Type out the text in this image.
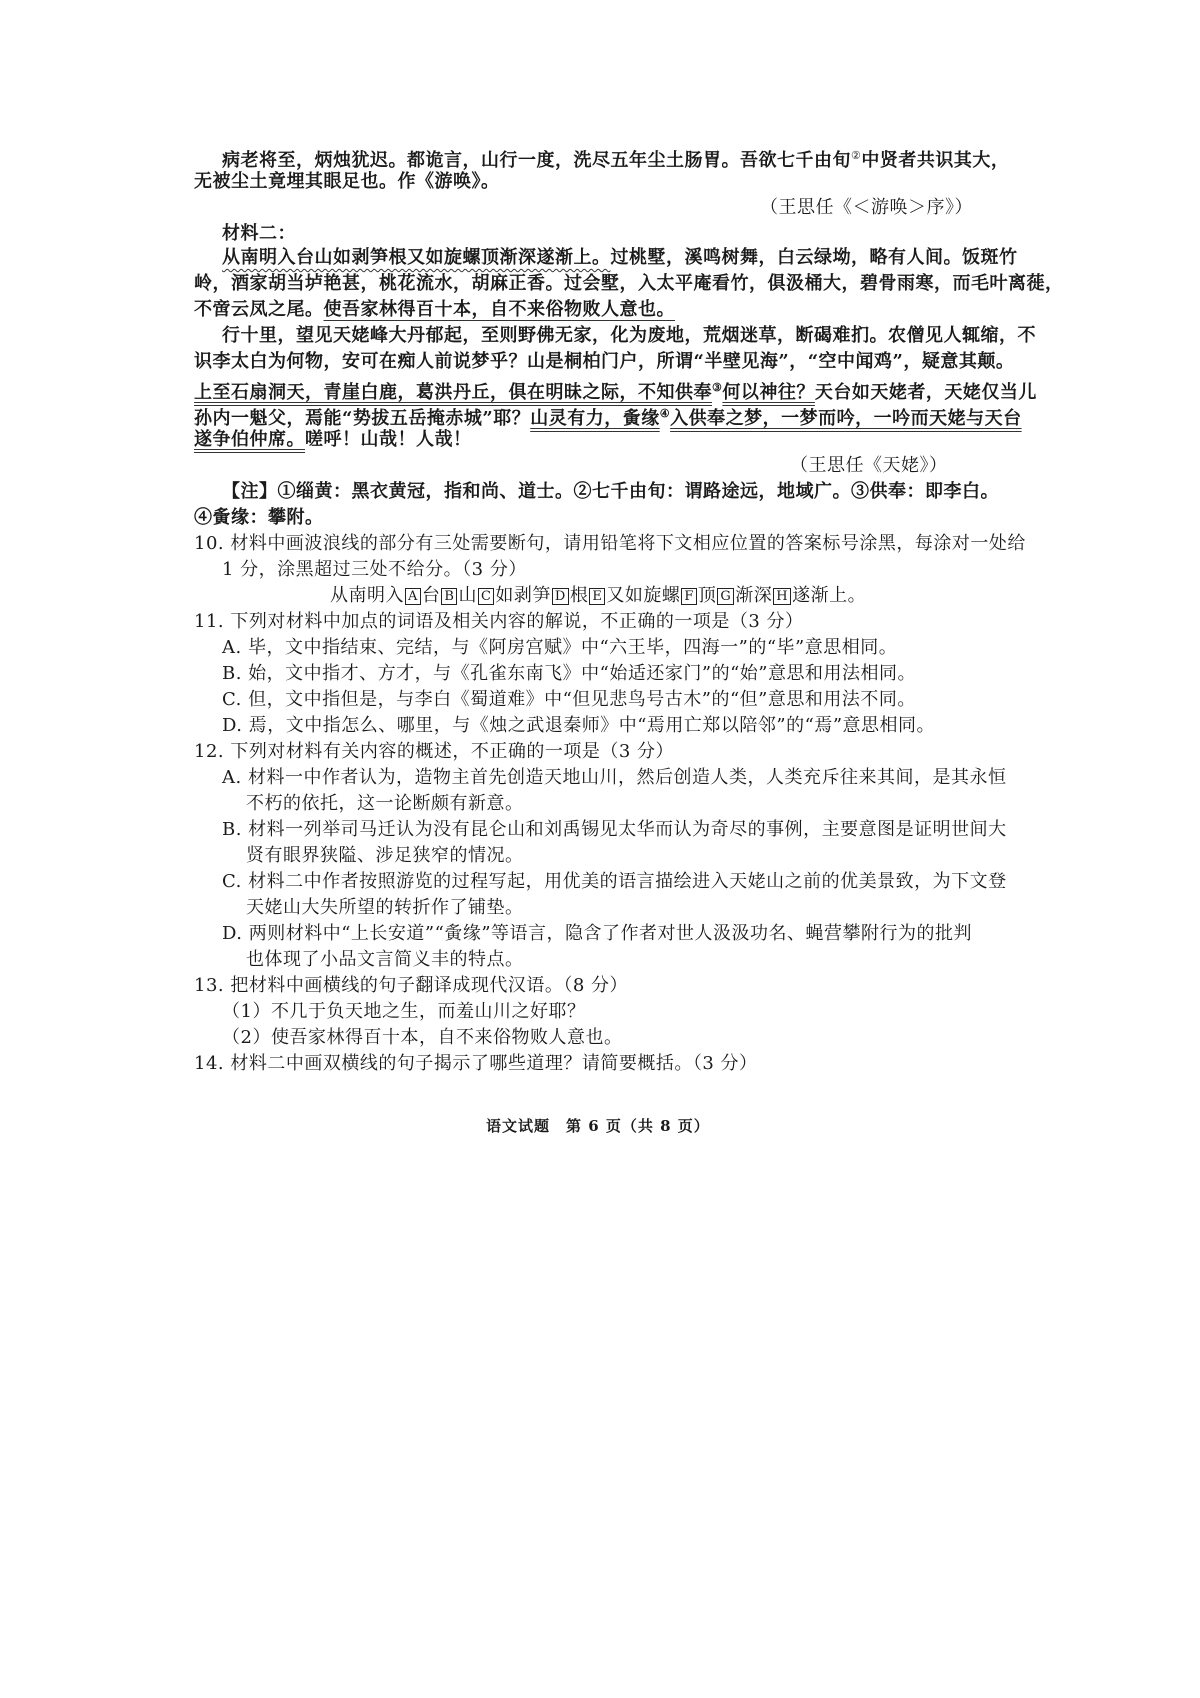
病老将至，炳烛犹迟。都诡言，山行一度，洗尽五年尘土肠胃。吾欲七千由旬②中贤者共识其大，
无被尘土竟埋其眼足也。作《游唤》。
（王思任《＜游唤＞序》）
材料二：
从南明入台山如剥笋根又如旋螺顶渐深遂渐上。过桃墅，溪鸣树舞，白云绿坳，略有人间。饭斑竹
岭，酒家胡当垆艳甚，桃花流水，胡麻正香。过会墅，入太平庵看竹，俱汲桶大，碧骨雨寒，而毛叶离蓰，
不啻云凤之尾。使吾家林得百十本，自不来俗物败人意也。
行十里，望见天姥峰大丹郁起，至则野佛无家，化为废地，荒烟迷草，断碣难扪。农僧见人辄缩，不
识李太白为何物，安可在痴人前说梦乎？山是桐柏门户，所谓“半壁见海”，“空中闻鸡”，疑意其颠。
上至石扇洞天，青崖白鹿，葛洪丹丘，俱在明昧之际，不知供奉③何以神往？天台如天姥者，天姥仅当儿
孙内一魁父，焉能“势拔五岳掩赤城”耶？山灵有力，夤缘④入供奉之梦，一梦而吟，一吟而天姥与天台
遂争伯仲席。嗟呼！山哉！人哉！
（王思任《天姥》）
【注】①缁黄：黑衣黄冠，指和尚、道士。②七千由旬：谓路途远，地域广。③供奉：即李白。
④夤缘：攀附。
10. 材料中画波浪线的部分有三处需要断句，请用铅笔将下文相应位置的答案标号涂黑，每涂对一处给
1 分，涂黑超过三处不给分。（3 分）
从南明入 A 台 B 山 C 如剥笋 D 根 E 又如旋螺 F 顶 G 渐深 H 遂渐上。
11. 下列对材料中加点的词语及相关内容的解说，不正确的一项是（3 分）
A. 毕，文中指结束、完结，与《阿房宫赋》中“六王毕，四海一”的“毕”意思相同。
B. 始，文中指才、方才，与《孔雀东南飞》中“始适还家门”的“始”意思和用法相同。
C. 但，文中指但是，与李白《蜀道难》中“但见悲鸟号古木”的“但”意思和用法不同。
D. 焉，文中指怎么、哪里，与《烛之武退秦师》中“焉用亡郑以陪邻”的“焉”意思相同。
12. 下列对材料有关内容的概述，不正确的一项是（3 分）
A. 材料一中作者认为，造物主首先创造天地山川，然后创造人类，人类充斥往来其间，是其永恒
不朽的依托，这一论断颇有新意。
B. 材料一列举司马迁认为没有昆仑山和刘禹锡见太华而认为奇尽的事例，主要意图是证明世间大
贤有眼界狭隘、涉足狭窄的情况。
C. 材料二中作者按照游览的过程写起，用优美的语言描绘进入天姥山之前的优美景致，为下文登
天姥山大失所望的转折作了铺垫。
D. 两则材料中“上长安道”“夤缘”等语言，隐含了作者对世人汲汲功名、蝇营攀附行为的批判
也体现了小品文言简义丰的特点。
13. 把材料中画横线的句子翻译成现代汉语。（8 分）
（1）不几于负天地之生，而羞山川之好耶？
（2）使吾家林得百十本，自不来俗物败人意也。
14. 材料二中画双横线的句子揭示了哪些道理？请简要概括。（3 分）
语文试题　第 6 页（共 8 页）
